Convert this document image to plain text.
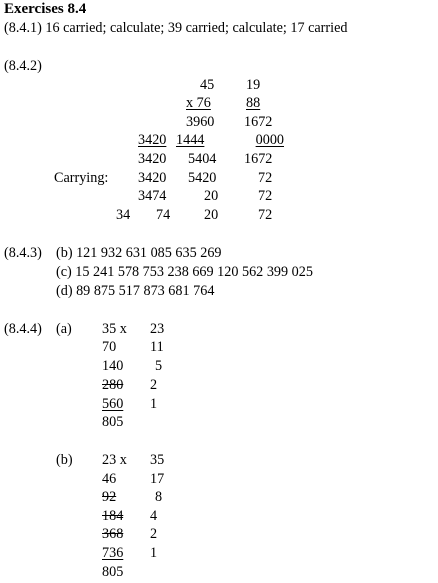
Exercises 8.4
(8.4.1) 16 carried; calculate; 39 carried; calculate; 17 carried
(8.4.2)
45 19
x 76	88
3960 1672
3420 1444	0000
3420 5404 1672
Carrying: 3420 5420	72
3474	20	72
34 74 20	72
(8.4.3) (b) 121 932 631 085 635 269
(c) 15 241 578 753 238 669 120 562 399 025
(d) 89 875 517 873 681 764
(8.4.4) (a) 35 x 23
70 11
140 5
280 2
560 1
805
(b) 23 x 35
46 17
92	8
184 4
368 2
736 1
805
